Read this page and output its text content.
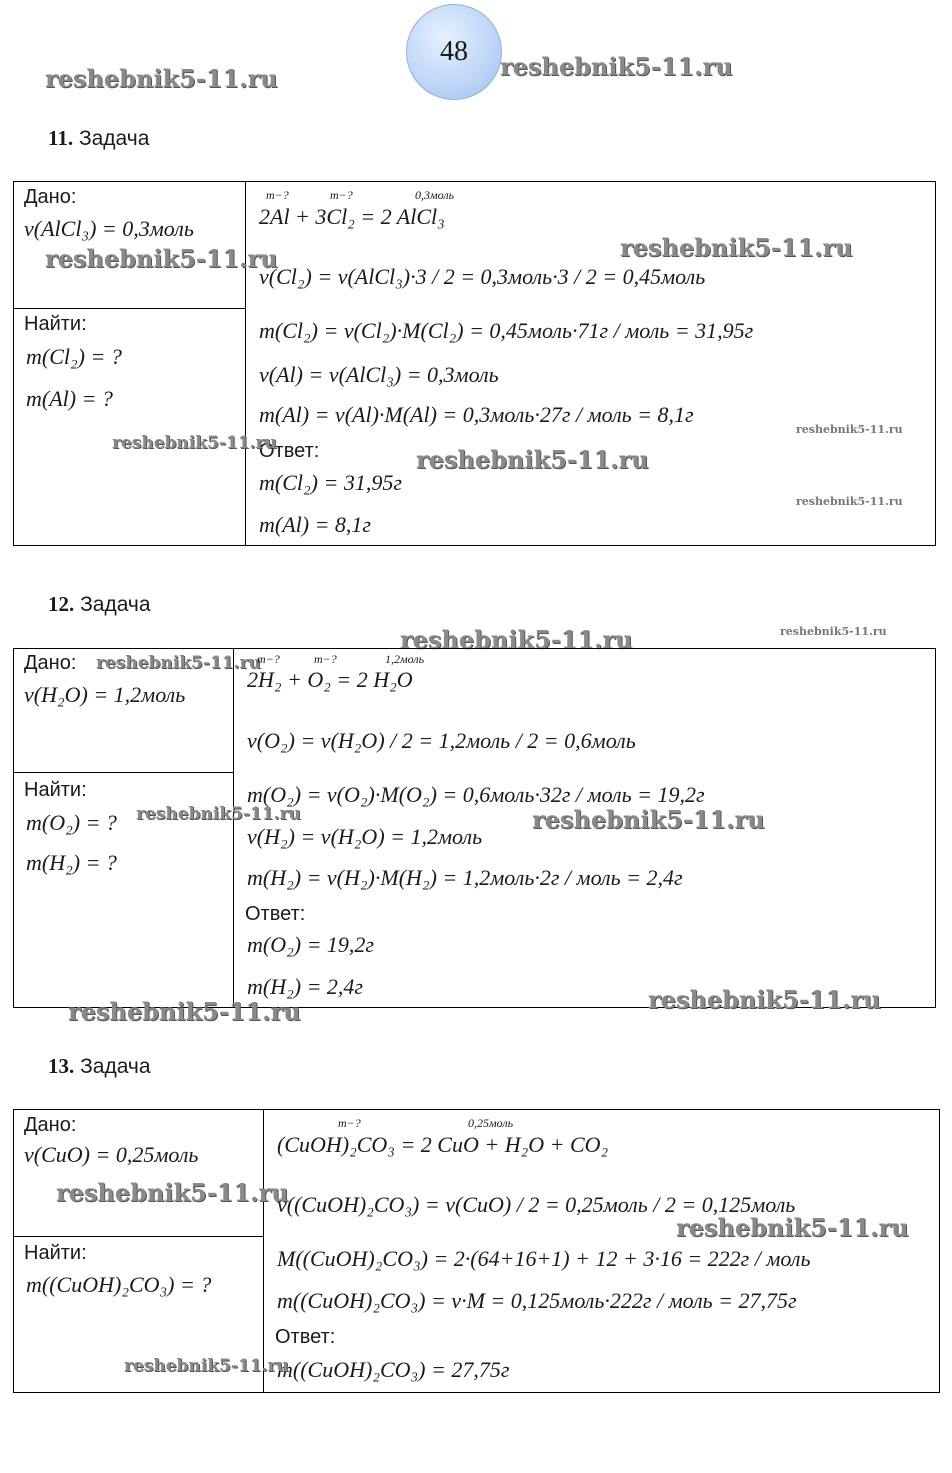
48
reshebnik5-11.ru	reshebnik5-11.ru
11. Задача
Дано:
ν(AlCl₃) = 0,3моль
Найти:
m(Cl₂) = ?
m(Al) = ?
m−?	m−?	0,3моль
2Al + 3Cl₂ = 2 AlCl₃
ν(Cl₂) = ν(AlCl₃)·3 / 2 = 0,3моль·3 / 2 = 0,45моль
m(Cl₂) = ν(Cl₂)·M(Cl₂) = 0,45моль·71г / моль = 31,95г
ν(Al) = ν(AlCl₃) = 0,3моль
m(Al) = ν(Al)·M(Al) = 0,3моль·27г / моль = 8,1г
Ответ:
m(Cl₂) = 31,95г
m(Al) = 8,1г
reshebnik5-11.ru	reshebnik5-11.ru
reshebnik5-11.ru
reshebnik5-11.ru
reshebnik5-11.ru
reshebnik5-11.ru
12. Задача
reshebnik5-11.ru	reshebnik5-11.ru
Дано: reshebnik5-11.ru
ν(H₂O) = 1,2моль
Найти:
m(O₂) = ?
m(H₂) = ?
reshebnik5-11.ru
m−?	m−?	1,2моль
2H₂ + O₂ = 2 H₂O
ν(O₂) = ν(H₂O) / 2 = 1,2моль / 2 = 0,6моль
m(O₂) = ν(O₂)·M(O₂) = 0,6моль·32г / моль = 19,2г
ν(H₂) = ν(H₂O) = 1,2моль
m(H₂) = ν(H₂)·M(H₂) = 1,2моль·2г / моль = 2,4г
Ответ:
m(O₂) = 19,2г
m(H₂) = 2,4г
reshebnik5-11.ru
reshebnik5-11.ru
reshebnik5-11.ru
13. Задача
Дано:
ν(CuO) = 0,25моль
reshebnik5-11.ru
Найти:
m((CuOH)₂CO₃) = ?
m−?	0,25моль
(CuOH)₂CO₃ = 2 CuO + H₂O + CO₂
ν((CuOH)₂CO₃) = ν(CuO) / 2 = 0,25моль / 2 = 0,125моль
M((CuOH)₂CO₃) = 2·(64+16+1) + 12 + 3·16 = 222г / моль
m((CuOH)₂CO₃) = ν·M = 0,125моль·222г / моль = 27,75г
Ответ:
m((CuOH)₂CO₃) = 27,75г
reshebnik5-11.ru
reshebnik5-11.ru
